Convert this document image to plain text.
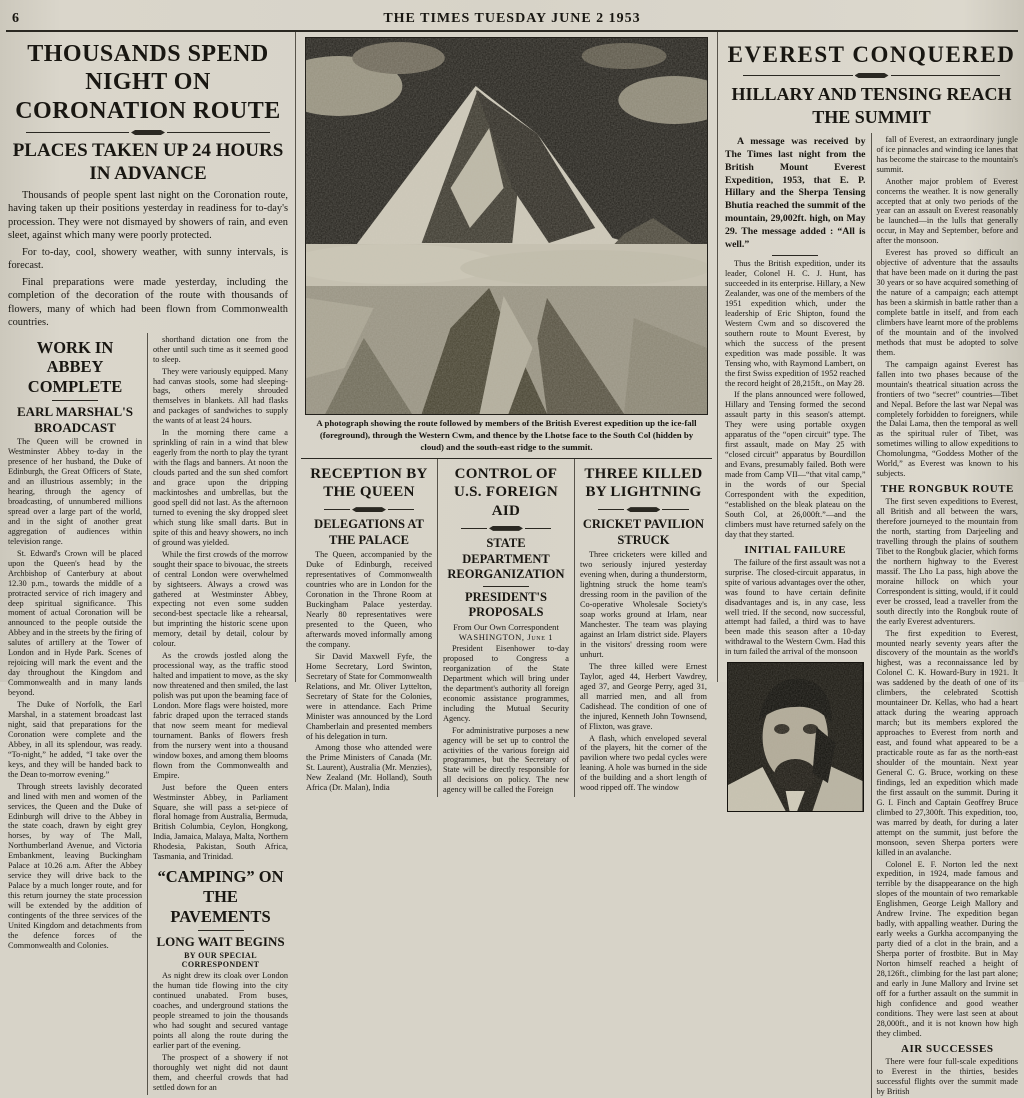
6	THE TIMES TUESDAY JUNE 2 1953
THOUSANDS SPEND NIGHT ON CORONATION ROUTE
PLACES TAKEN UP 24 HOURS IN ADVANCE

Thousands of people spent last night on the Coronation route, having taken up their positions yesterday in readiness for to-day's procession. They were not dismayed by showers of rain, and even sleet, against which many were poorly protected.

For to-day, cool, showery weather, with sunny intervals, is forecast.

Final preparations were made yesterday, including the completion of the decoration of the route with thousands of flowers, many of which had been flown from Commonwealth countries.

WORK IN ABBEY COMPLETE
EARL MARSHAL'S BROADCAST

The Queen will be crowned in Westminster Abbey to-day in the presence of her husband, the Duke of Edinburgh, the Great Officers of State, and an illustrious assembly; in the hearing, through the agency of broadcasting, of unnumbered millions spread over a large part of the world, and in the sight of another great aggregation of audiences within television range.

St. Edward's Crown will be placed upon the Queen's head by the Archbishop of Canterbury at about 12.30 p.m., towards the middle of a protracted service of rich imagery and deep spiritual significance. This moment of actual Coronation will be announced to the people outside the Abbey and in the streets by the firing of salutes of artillery at the Tower of London and in Hyde Park. Scenes of rejoicing will mark the event and the day throughout the Kingdom and Commonwealth and in many lands beyond.

The Duke of Norfolk, the Earl Marshal, in a statement broadcast last night, said that preparations for the Coronation were complete and the Abbey, in all its splendour, was ready. “To-night,” he added, “I take over the keys, and they will be handed back to the Dean to-morrow evening.”

Through streets lavishly decorated and lined with men and women of the services, the Queen and the Duke of Edinburgh will drive to the Abbey in the state coach, drawn by eight grey horses, by way of The Mall, Northumberland Avenue, and Victoria Embankment, leaving Buckingham Palace at 10.26 a.m. After the Abbey service they will drive back to the Palace by a much longer route, and for this return journey the state procession will be extended by the addition of contingents of the three services of the United Kingdom and detachments from the defence forces of the Commonwealth and Colonies.

shorthand dictation one from the other until such time as it seemed good to sleep.

They were variously equipped. Many had canvas stools, some had sleeping-bags, others merely shrouded themselves in blankets. All had flasks and packages of sandwiches to supply the wants of at least 24 hours.

In the morning there came a sprinkling of rain in a wind that blew eagerly from the north to play the tyrant with the flags and banners. At noon the clouds parted and the sun shed comfort and grace upon the dripping mackintoshes and umbrellas, but the good spell did not last. As the afternoon turned to evening the sky dropped sleet which stung like small darts. But in spite of this and heavy showers, no inch of ground was yielded.

While the first crowds of the morrow sought their space to bivouac, the streets of central London were overwhelmed by sightseers. Always a crowd was gathered at Westminster Abbey, expecting not even some sudden second-best spectacle like a rehearsal, but imprinting the historic scene upon memory, detail by detail, colour by colour.

As the crowds jostled along the processional way, as the traffic stood halted and impatient to move, as the sky now threatened and then smiled, the last polish was put upon the beaming face of London. More flags were hoisted, more fabric draped upon the terraced stands that now seem meant for medieval tournament. Banks of flowers fresh from the nursery went into a thousand window boxes, and among them blooms flown from the Commonwealth and Empire.

Just before the Queen enters Westminster Abbey, in Parliament Square, she will pass a set-piece of floral homage from Australia, Bermuda, British Columbia, Ceylon, Hongkong, India, Jamaica, Malaya, Malta, Northern Rhodesia, Pakistan, South Africa, Tasmania, and Trinidad.

“CAMPING” ON THE PAVEMENTS
LONG WAIT BEGINS

BY OUR SPECIAL CORRESPONDENT

As night drew its cloak over London the human tide flowing into the city continued unabated. From buses, coaches, and underground stations the people streamed to join the thousands who had sought and secured vantage points all along the route during the earlier part of the evening.

The prospect of a showery if not thoroughly wet night did not daunt them, and cheerful crowds that had settled down for an

A photograph showing the route followed by members of the British Everest expedition up the ice-fall (foreground), through the Western Cwm, and thence by the Lhotse face to the South Col (hidden by cloud) and the south-east ridge to the summit.

RECEPTION BY THE QUEEN
DELEGATIONS AT THE PALACE

The Queen, accompanied by the Duke of Edinburgh, received representatives of Commonwealth countries who are in London for the Coronation in the Throne Room at Buckingham Palace yesterday. Nearly 80 representatives were presented to the Queen, who afterwards moved informally among the company.

Sir David Maxwell Fyfe, the Home Secretary, Lord Swinton, Secretary of State for Commonwealth Relations, and Mr. Oliver Lyttelton, Secretary of State for the Colonies, were in attendance. Each Prime Minister was announced by the Lord Chamberlain and presented members of his delegation in turn.

Among those who attended were the Prime Ministers of Canada (Mr. St. Laurent), Australia (Mr. Menzies), New Zealand (Mr. Holland), South Africa (Dr. Malan), India

CONTROL OF U.S. FOREIGN AID
STATE DEPARTMENT REORGANIZATION
PRESIDENT'S PROPOSALS

From Our Own Correspondent

WASHINGTON, June 1

President Eisenhower to-day proposed to Congress a reorganization of the State Department which will bring under the department's authority all foreign economic assistance programmes, including the Mutual Security Agency.

For administrative purposes a new agency will be set up to control the activities of the various foreign aid programmes, but the Secretary of State will be directly responsible for all decisions on policy. The new agency will be called the Foreign

THREE KILLED BY LIGHTNING
CRICKET PAVILION STRUCK

Three cricketers were killed and two seriously injured yesterday evening when, during a thunderstorm, lightning struck the home team's dressing room in the pavilion of the Co-operative Wholesale Society's soap works ground at Irlam, near Manchester. The team was playing against an Irlam district side. Players in the visitors' dressing room were unhurt.

The three killed were Ernest Taylor, aged 44, Herbert Vawdrey, aged 37, and George Perry, aged 31, all married men, and all from Cadishead. The condition of one of the injured, Kenneth John Townsend, of Flixton, was grave.

A flash, which enveloped several of the players, hit the corner of the pavilion where two pedal cycles were leaning. A hole was burned in the side of the building and a short length of wood ripped off. The window

EVEREST CONQUERED
HILLARY AND TENSING REACH THE SUMMIT

A message was received by The Times last night from the British Mount Everest Expedition, 1953, that E. P. Hillary and the Sherpa Tensing Bhutia reached the summit of the mountain, 29,002ft. high, on May 29. The message added : “All is well.”

Thus the British expedition, under its leader, Colonel H. C. J. Hunt, has succeeded in its enterprise. Hillary, a New Zealander, was one of the members of the 1951 expedition which, under the leadership of Eric Shipton, found the Western Cwm and so discovered the southern route to Mount Everest, by which the success of the present expedition was made possible. It was Tensing who, with Raymond Lambert, on the first Swiss expedition of 1952 reached the record height of 28,215ft., on May 28.

If the plans announced were followed, Hillary and Tensing formed the second assault party in this season's attempt. They were using portable oxygen apparatus of the “open circuit” type. The first assault, made on May 25 with “closed circuit” apparatus by Bourdillon and Evans, presumably failed. Both were made from Camp VII—“that vital camp,” in the words of our Special Correspondent with the expedition, “established on the bleak plateau on the South Col, at 26,000ft.”—and the climbers must have returned safely on the day that they started.

INITIAL FAILURE

The failure of the first assault was not a surprise. The closed-circuit apparatus, in spite of various advantages over the other, was found to have certain definite disadvantages and is, in any case, less well tried. If the second, now successful, attempt had failed, a third was to have been made this season after a 10-day withdrawal to the Western Cwm. Had this in turn failed the arrival of the monsoon

fall of Everest, an extraordinary jungle of ice pinnacles and winding ice lanes that has become the staircase to the mountain's summit.

Another major problem of Everest concerns the weather. It is now generally accepted that at only two periods of the year can an assault on Everest reasonably be launched—in the lulls that generally occur, in May and September, before and after the monsoon.

Everest has proved so difficult an objective of adventure that the assaults that have been made on it during the past 30 years or so have acquired something of the nature of a campaign; each attempt has been a skirmish in battle rather than a complete battle in itself, and from each climbers have learnt more of the problems of the mountain and of the involved methods that must be adopted to solve them.

The campaign against Everest has fallen into two phases because of the mountain's theatrical situation across the frontiers of two “secret” countries—Tibet and Nepal. Before the last war Nepal was completely forbidden to foreigners, while the Dalai Lama, then the temporal as well as the spiritual ruler of Tibet, was sometimes willing to allow expeditions to Chomolungma, “Goddess Mother of the World,” as Everest was known to his subjects.

THE RONGBUK ROUTE

The first seven expeditions to Everest, all British and all between the wars, therefore journeyed to the mountain from the north, starting from Darjeeling and travelling through the plains of southern Tibet to the Rongbuk glacier, which forms the northern highway to the Everest massif. The Lho La pass, high above the moraine hillock on which your Correspondent is sitting, would, if it could ever be crossed, lead a traveller from the south directly into the Rongbuk route of the early Everest adventurers.

The first expedition to Everest, mounted nearly seventy years after the discovery of the mountain as the world's highest, was a reconnaissance led by Colonel C. K. Howard-Bury in 1921. It was saddened by the death of one of its climbers, the celebrated Scottish mountaineer Dr. Kellas, who had a heart attack during the wearing approach march; but its members explored the approaches to Everest from north and east, and found what appeared to be a practicable route as far as the north-east shoulder of the mountain. Next year General C. G. Bruce, working on these findings, led an expedition which made the first assault on the summit. During it G. I. Finch and Captain Geoffrey Bruce climbed to 27,300ft. This expedition, too, was marred by death, for during a later attempt on the summit, just before the monsoon, seven Sherpa porters were killed in an avalanche.

Colonel E. F. Norton led the next expedition, in 1924, made famous and terrible by the disappearance on the high slopes of the mountain of two remarkable Englishmen, George Leigh Mallory and Andrew Irvine. The expedition began badly, with appalling weather. During the early weeks a Gurkha accompanying the party died of a clot in the brain, and a Sherpa porter of frostbite. But in May Norton himself reached a height of 28,126ft., climbing for the last part alone; and early in June Mallory and Irvine set off for a further assault on the summit in high confidence and good weather conditions. They were last seen at about 28,000ft., and it is not known how high they climbed.

AIR SUCCESSES

There were four full-scale expeditions to Everest in the thirties, besides successful flights over the summit made by British
